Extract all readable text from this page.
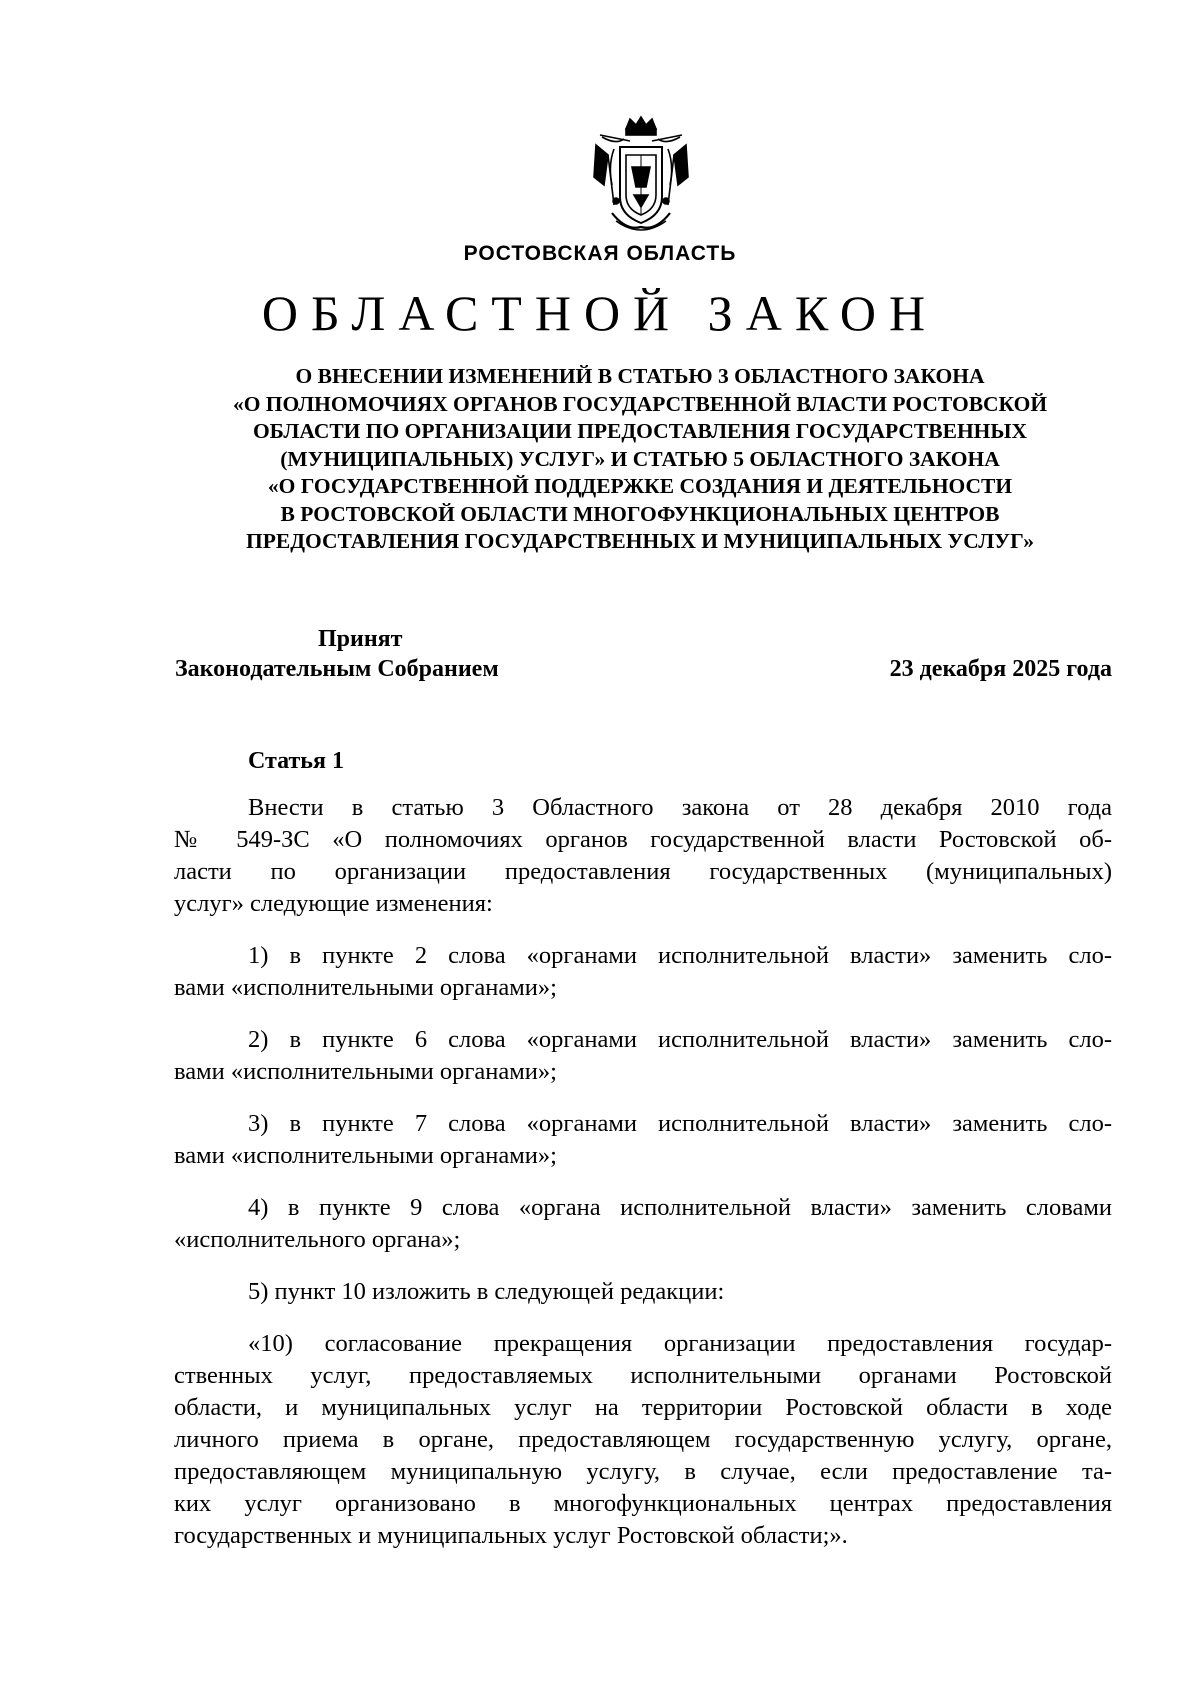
РОСТОВСКАЯ ОБЛАСТЬ
ОБЛАСТНОЙ ЗАКОН
О ВНЕСЕНИИ ИЗМЕНЕНИЙ В СТАТЬЮ 3 ОБЛАСТНОГО ЗАКОНА
«О ПОЛНОМОЧИЯХ ОРГАНОВ ГОСУДАРСТВЕННОЙ ВЛАСТИ РОСТОВСКОЙ
ОБЛАСТИ ПО ОРГАНИЗАЦИИ ПРЕДОСТАВЛЕНИЯ ГОСУДАРСТВЕННЫХ
(МУНИЦИПАЛЬНЫХ) УСЛУГ» И СТАТЬЮ 5 ОБЛАСТНОГО ЗАКОНА
«О ГОСУДАРСТВЕННОЙ ПОДДЕРЖКЕ СОЗДАНИЯ И ДЕЯТЕЛЬНОСТИ
В РОСТОВСКОЙ ОБЛАСТИ МНОГОФУНКЦИОНАЛЬНЫХ ЦЕНТРОВ
ПРЕДОСТАВЛЕНИЯ ГОСУДАРСТВЕННЫХ И МУНИЦИПАЛЬНЫХ УСЛУГ»
Принят
Законодательным Собранием	23 декабря 2025 года
Статья 1
Внести в статью 3 Областного закона от 28 декабря 2010 года
№ 549-ЗС «О полномочиях органов государственной власти Ростовской об-
ласти по организации предоставления государственных (муниципальных)
услуг» следующие изменения:
1) в пункте 2 слова «органами исполнительной власти» заменить сло-
вами «исполнительными органами»;
2) в пункте 6 слова «органами исполнительной власти» заменить сло-
вами «исполнительными органами»;
3) в пункте 7 слова «органами исполнительной власти» заменить сло-
вами «исполнительными органами»;
4) в пункте 9 слова «органа исполнительной власти» заменить словами
«исполнительного органа»;
5) пункт 10 изложить в следующей редакции:
«10) согласование прекращения организации предоставления государ-
ственных услуг, предоставляемых исполнительными органами Ростовской
области, и муниципальных услуг на территории Ростовской области в ходе
личного приема в органе, предоставляющем государственную услугу, органе,
предоставляющем муниципальную услугу, в случае, если предоставление та-
ких услуг организовано в многофункциональных центрах предоставления
государственных и муниципальных услуг Ростовской области;».
